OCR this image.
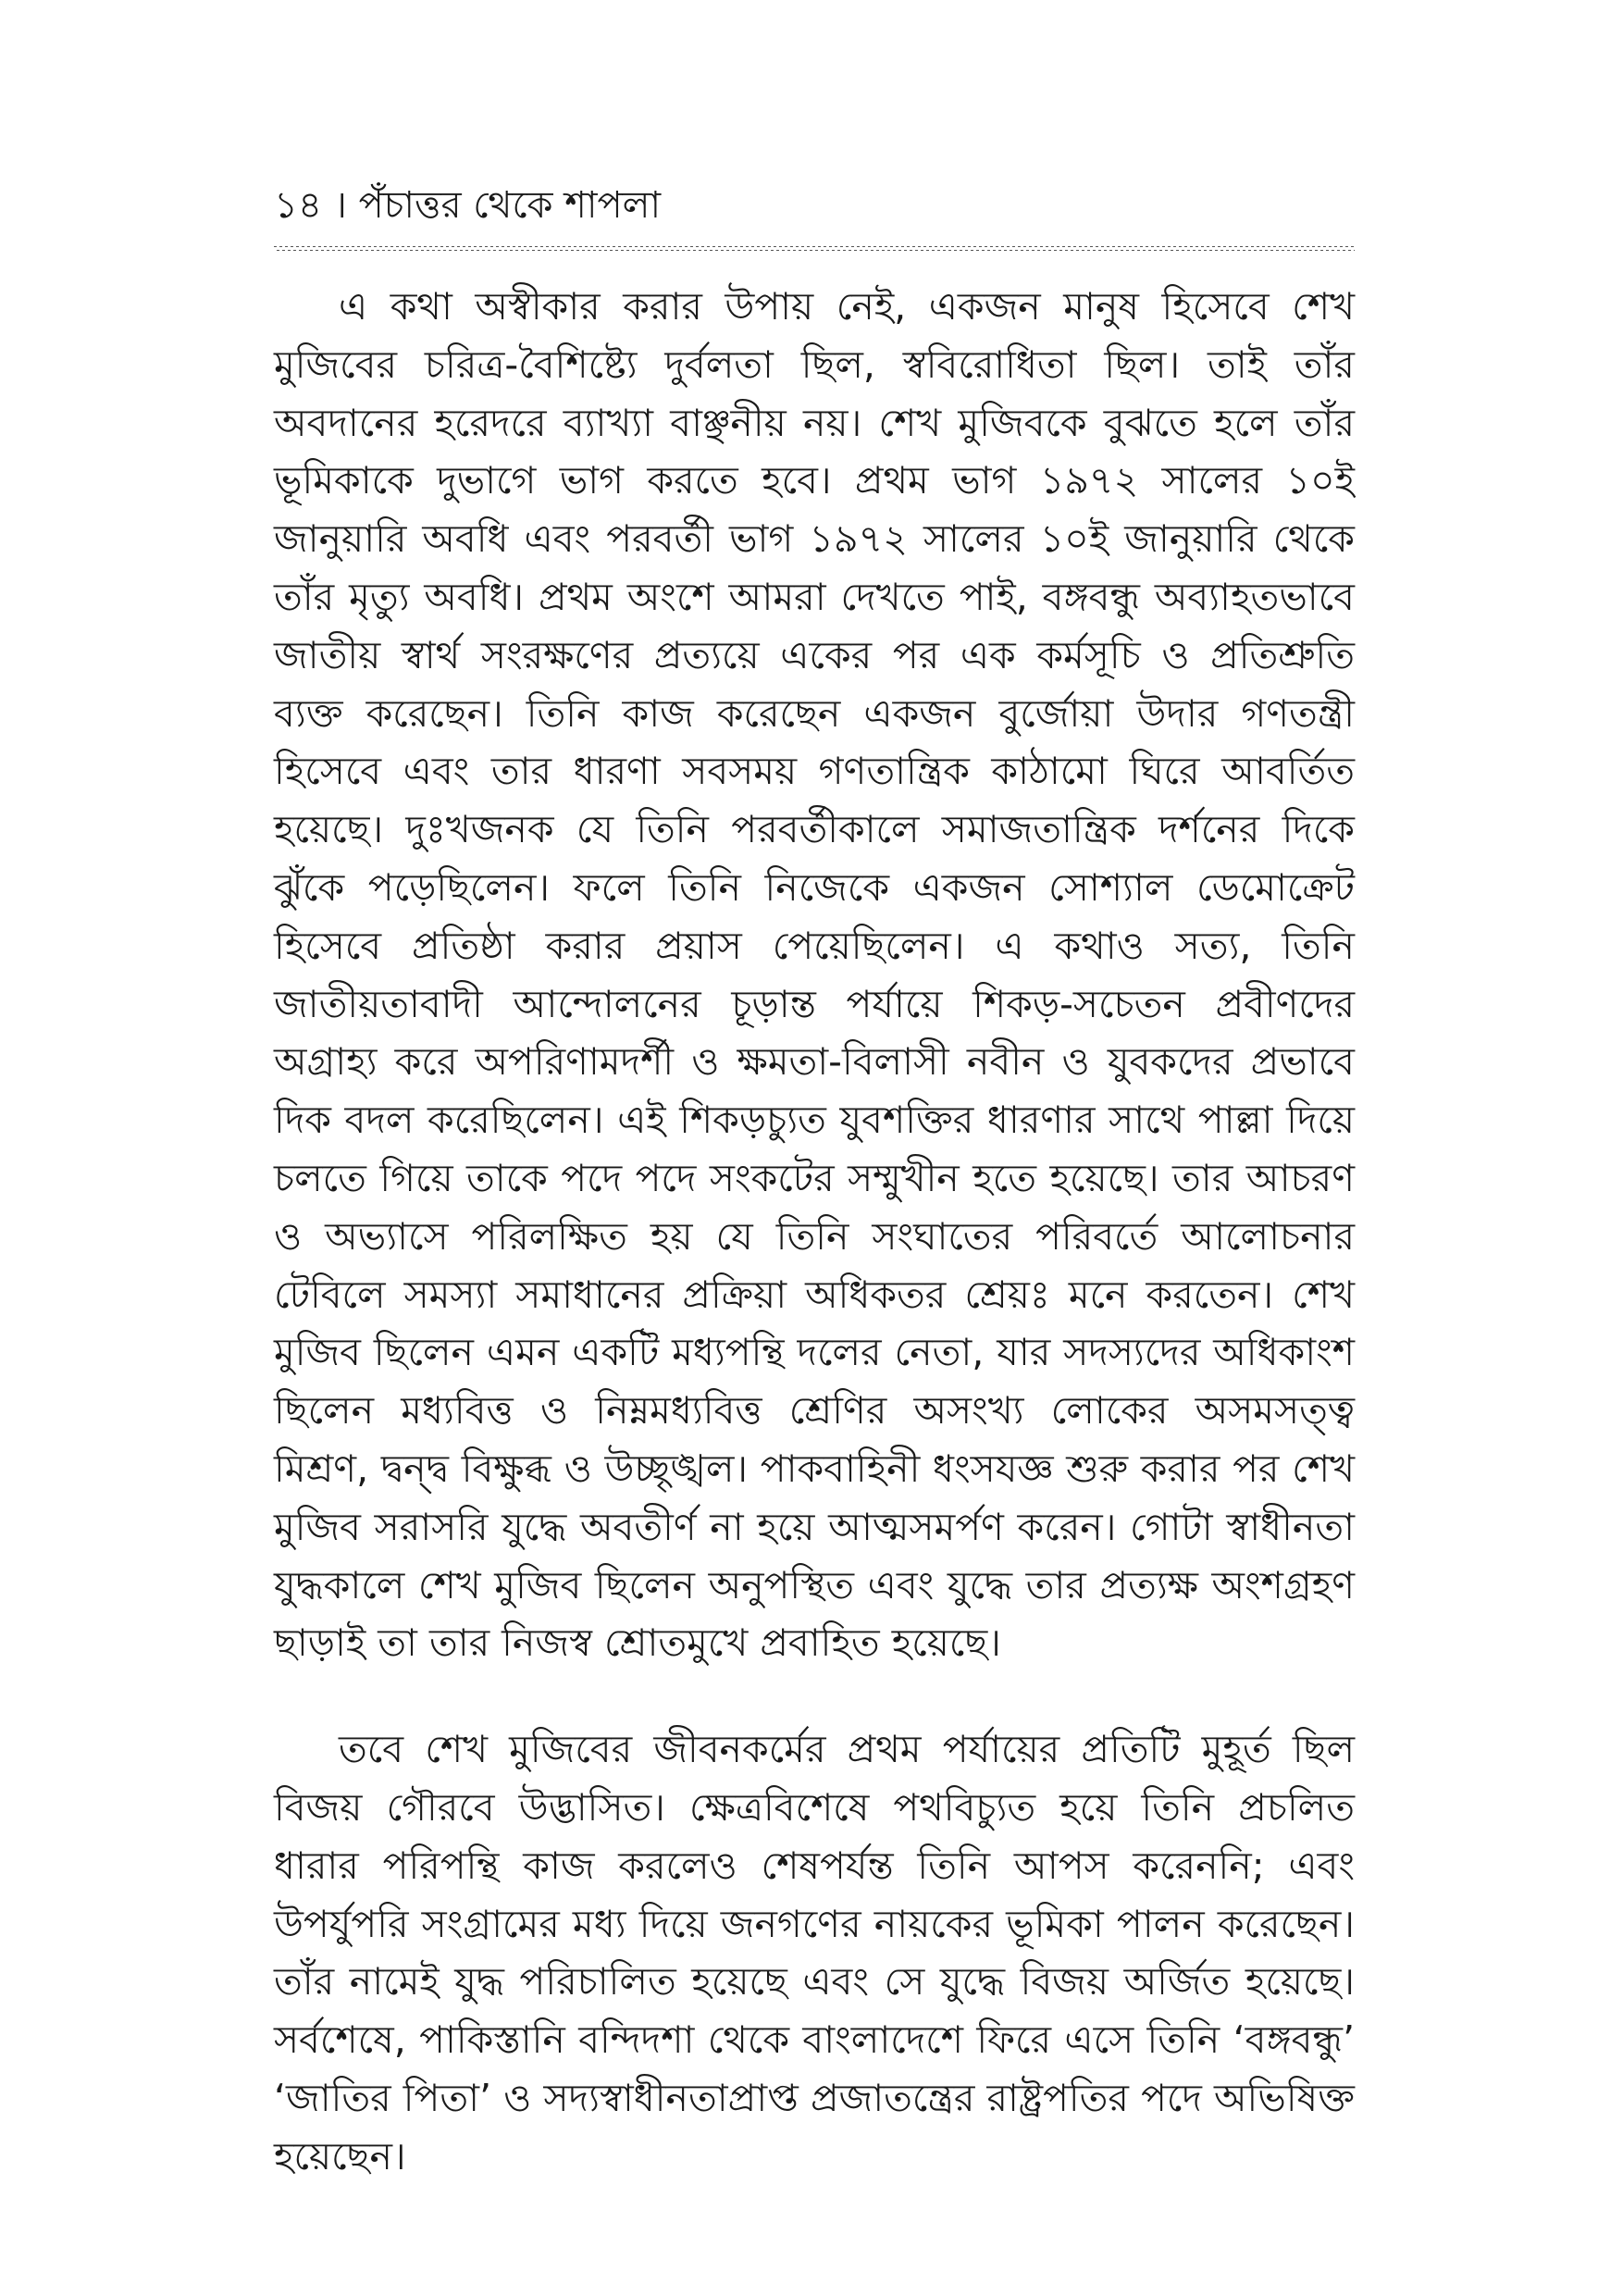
১৪ । পঁচাত্তর থেকে শাপলা

এ কথা অস্বীকার করার উপায় নেই, একজন মানুষ হিসেবে শেখ মুজিবের চরিত্র-বৈশিষ্ট্যে দুর্বলতা ছিল, স্ববিরোধিতা ছিল। তাই তাঁর অবদানের হরেদরে ব্যাখ্যা বাঞ্ছনীয় নয়। শেখ মুজিবকে বুঝতে হলে তাঁর ভূমিকাকে দুভাগে ভাগ করতে হবে। প্রথম ভাগ ১৯৭২ সালের ১০ই জানুয়ারি অবধি এবং পরবর্তী ভাগ ১৯৭২ সালের ১০ই জানুয়ারি থেকে তাঁর মৃত্যু অবধি। প্রথম অংশে আমরা দেখতে পাই, বঙ্গবন্ধু অব্যাহতভাবে জাতীয় স্বার্থ সংরক্ষণের প্রত্যয়ে একের পর এক কর্মসূচি ও প্রতিশ্রুতি ব্যক্ত করেছেন। তিনি কাজ করেছেন একজন বুর্জোয়া উদার গণতন্ত্রী হিসেবে এবং তার ধারণা সবসময় গণতান্ত্রিক কাঠামো ঘিরে আবর্তিত হয়েছে। দুঃখজনক যে তিনি পরবর্তীকালে সমাজতান্ত্রিক দর্শনের দিকে ঝুঁকে পড়েছিলেন। ফলে তিনি নিজেকে একজন সোশ্যাল ডেমোক্রেট হিসেবে প্রতিষ্ঠা করার প্রয়াস পেয়েছিলেন। এ কথাও সত্য, তিনি জাতীয়তাবাদী আন্দোলনের চূড়ান্ত পর্যায়ে শিকড়-সচেতন প্রবীণদের অগ্রাহ্য করে অপরিণামদর্শী ও ক্ষমতা-বিলাসী নবীন ও যুবকদের প্রভাবে দিক বদল করেছিলেন। এই শিকড়চ্যুত যুবশক্তির ধারণার সাথে পাল্লা দিয়ে চলতে গিয়ে তাকে পদে পদে সংকটের সম্মুখীন হতে হয়েছে। তার আচরণ ও অভ্যাসে পরিলক্ষিত হয় যে তিনি সংঘাতের পরিবর্তে আলোচনার টেবিলে সমস্যা সমাধানের প্রক্রিয়া অধিকতর শ্রেয়ঃ মনে করতেন। শেখ মুজিব ছিলেন এমন একটি মধ্যপন্থি দলের নেতা, যার সদস্যদের অধিকাংশ ছিলেন মধ্যবিত্ত ও নিম্নমধ্যবিত্ত শ্রেণির অসংখ্য লোকের অসমসত্ত্ব মিশ্রণ, দ্বন্দ্ব বিক্ষুব্ধ ও উচ্ছৃঙ্খল। পাকবাহিনী ধংসযজ্ঞ শুরু করার পর শেখ মুজিব সরাসরি যুদ্ধে অবতীর্ণ না হয়ে আত্মসমর্পণ করেন। গোটা স্বাধীনতা যুদ্ধকালে শেখ মুজিব ছিলেন অনুপস্থিত এবং যুদ্ধে তার প্রত্যক্ষ অংশগ্রহণ ছাড়াই তা তার নিজস্ব শ্রোতমুখে প্রবাহিত হয়েছে।

তবে শেখ মুজিবের জীবনকর্মের প্রথম পর্যায়ের প্রতিটি মুহূর্ত ছিল বিজয় গৌরবে উদ্ভাসিত। ক্ষেত্রবিশেষে পথবিচ্যুত হয়ে তিনি প্রচলিত ধারার পরিপন্থি কাজ করলেও শেষপর্যন্ত তিনি আপস করেননি; এবং উপর্যুপরি সংগ্রামের মধ্য দিয়ে জনগণের নায়কের ভূমিকা পালন করেছেন। তাঁর নামেই যুদ্ধ পরিচালিত হয়েছে এবং সে যুদ্ধে বিজয় অর্জিত হয়েছে। সর্বশেষে, পাকিস্তানি বন্দিদশা থেকে বাংলাদেশে ফিরে এসে তিনি ‘বঙ্গবন্ধু’ ‘জাতির পিতা’ ও সদ্যস্বাধীনতাপ্রাপ্ত প্রজাতন্ত্রের রাষ্ট্রপতির পদে অভিষিক্ত হয়েছেন।
